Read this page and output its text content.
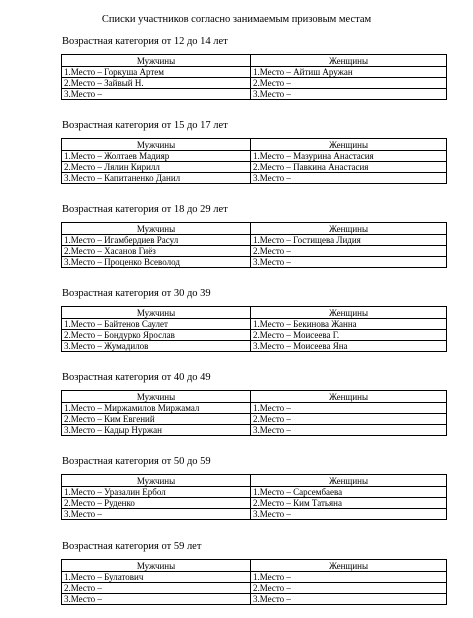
Списки участников согласно занимаемым призовым местам
Возрастная категория от 12 до 14 лет
Мужчины	Женщины
1.Место – Горкуша Артем	1.Место – Айтиш Аружан
2.Место – Зайвый Н.	2.Место –
3.Место –	3.Место –
Возрастная категория от 15 до 17 лет
Мужчины	Женщины
1.Место – Жолтаев Мадияр	1.Место – Мазурина Анастасия
2.Место – Лялин Кирилл	2.Место – Павкина Анастасия
3.Место – Капитаненко Данил	3.Место –
Возрастная категория от 18 до 29 лет
Мужчины	Женщины
1.Место – Игамбердиев Расул	1.Место – Гостищева Лидия
2.Место – Хасанов Гиёз	2.Место –
3.Место – Проценко Всеволод	3.Место –
Возрастная категория от 30 до 39
Мужчины	Женщины
1.Место – Байтенов Саулет	1.Место – Бекинова Жанна
2.Место – Бондурко Ярослав	2.Место – Моисеева Г.
3.Место – Жумадилов	3.Место – Моисеева Яна
Возрастная категория от 40 до 49
Мужчины	Женщины
1.Место – Миржамилов Миржамал	1.Место –
2.Место – Ким Евгений	2.Место –
3.Место – Кадыр Нуржан	3.Место –
Возрастная категория от 50 до 59
Мужчины	Женщины
1.Место – Уразалин Ербол	1.Место – Сарсембаева
2.Место – Руденко	2.Место – Ким Татьяна
3.Место –	3.Место –
Возрастная категория от 59 лет
Мужчины	Женщины
1.Место – Булатович	1.Место –
2.Место –	2.Место –
3.Место –	3.Место –
